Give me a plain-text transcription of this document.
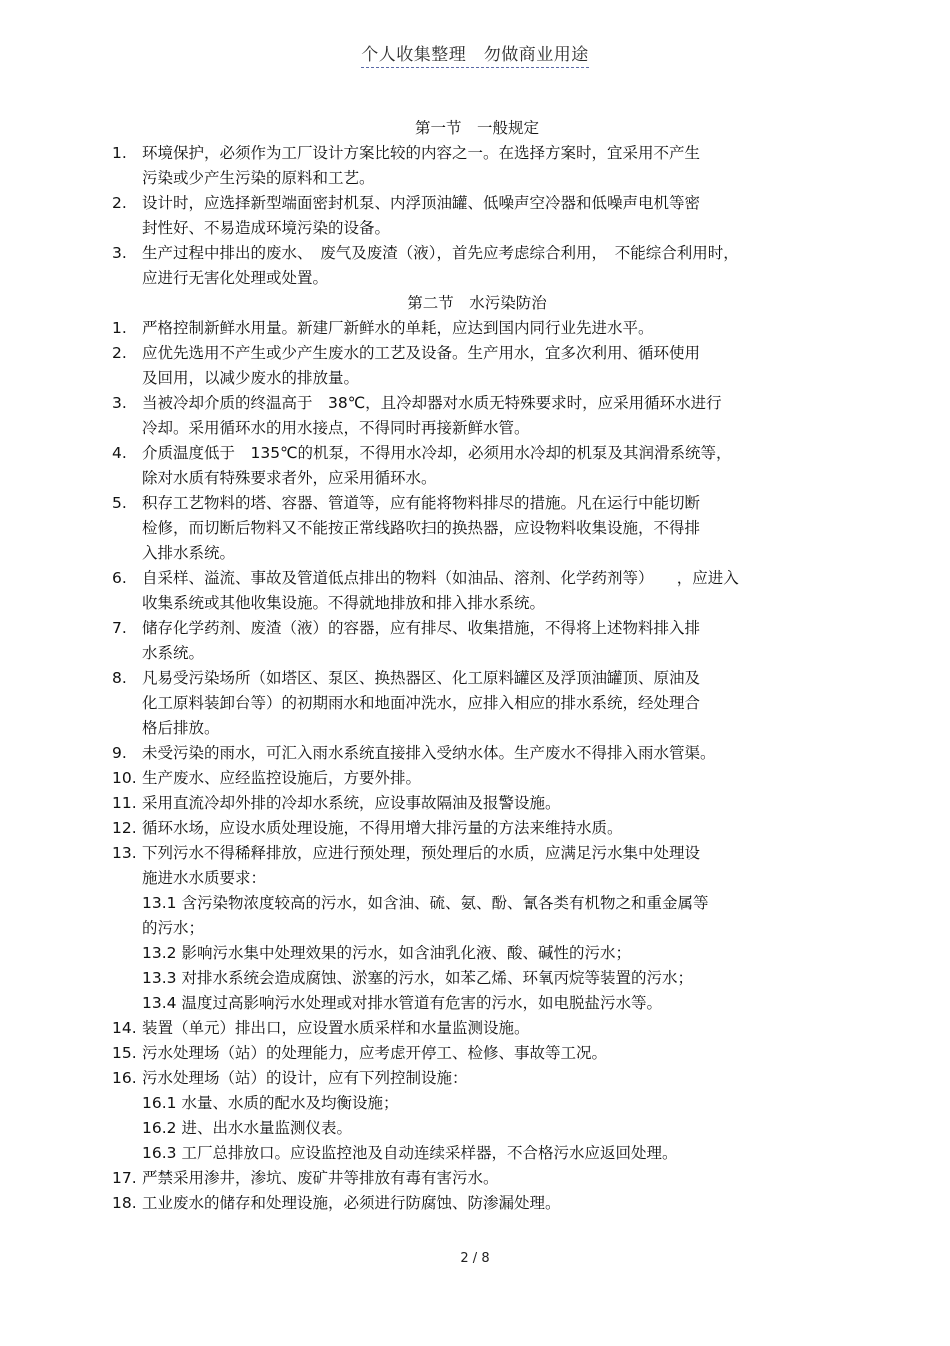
个人收集整理　勿做商业用途
第一节　一般规定
1. 环境保护，必须作为工厂设计方案比较的内容之一。在选择方案时，宜采用不产生
污染或少产生污染的原料和工艺。
2. 设计时，应选择新型端面密封机泵、内浮顶油罐、低噪声空冷器和低噪声电机等密
封性好、不易造成环境污染的设备。
3. 生产过程中排出的废水、　废气及废渣（液），首先应考虑综合利用，　不能综合利用时，
应进行无害化处理或处置。
第二节　水污染防治
1. 严格控制新鲜水用量。新建厂新鲜水的单耗，应达到国内同行业先进水平。
2. 应优先选用不产生或少产生废水的工艺及设备。生产用水，宜多次利用、循环使用
及回用，以减少废水的排放量。
3. 当被冷却介质的终温高于　38℃，且冷却器对水质无特殊要求时，应采用循环水进行
冷却。采用循环水的用水接点，不得同时再接新鲜水管。
4. 介质温度低于　135℃的机泵，不得用水冷却，必须用水冷却的机泵及其润滑系统等，
除对水质有特殊要求者外，应采用循环水。
5. 积存工艺物料的塔、容器、管道等，应有能将物料排尽的措施。凡在运行中能切断
检修，而切断后物料又不能按正常线路吹扫的换热器，应设物料收集设施，不得排
入排水系统。
6. 自采样、溢流、事故及管道低点排出的物料（如油品、溶剂、化学药剂等）　　，应进入
收集系统或其他收集设施。不得就地排放和排入排水系统。
7. 储存化学药剂、废渣（液）的容器，应有排尽、收集措施，不得将上述物料排入排
水系统。
8. 凡易受污染场所（如塔区、泵区、换热器区、化工原料罐区及浮顶油罐顶、原油及
化工原料装卸台等）的初期雨水和地面冲洗水，应排入相应的排水系统，经处理合
格后排放。
9. 未受污染的雨水，可汇入雨水系统直接排入受纳水体。生产废水不得排入雨水管渠。
10. 生产废水、应经监控设施后，方要外排。
11. 采用直流冷却外排的冷却水系统，应设事故隔油及报警设施。
12. 循环水场，应设水质处理设施，不得用增大排污量的方法来维持水质。
13. 下列污水不得稀释排放，应进行预处理，预处理后的水质，应满足污水集中处理设
施进水水质要求：
13.1 含污染物浓度较高的污水，如含油、硫、氨、酚、氰各类有机物之和重金属等
的污水；
13.2 影响污水集中处理效果的污水，如含油乳化液、酸、碱性的污水；
13.3 对排水系统会造成腐蚀、淤塞的污水，如苯乙烯、环氧丙烷等装置的污水；
13.4 温度过高影响污水处理或对排水管道有危害的污水，如电脱盐污水等。
14. 装置（单元）排出口，应设置水质采样和水量监测设施。
15. 污水处理场（站）的处理能力，应考虑开停工、检修、事故等工况。
16. 污水处理场（站）的设计，应有下列控制设施：
16.1 水量、水质的配水及均衡设施；
16.2 进、出水水量监测仪表。
16.3 工厂总排放口。应设监控池及自动连续采样器，不合格污水应返回处理。
17. 严禁采用渗井，渗坑、废矿井等排放有毒有害污水。
18. 工业废水的储存和处理设施，必须进行防腐蚀、防渗漏处理。
2 / 8
